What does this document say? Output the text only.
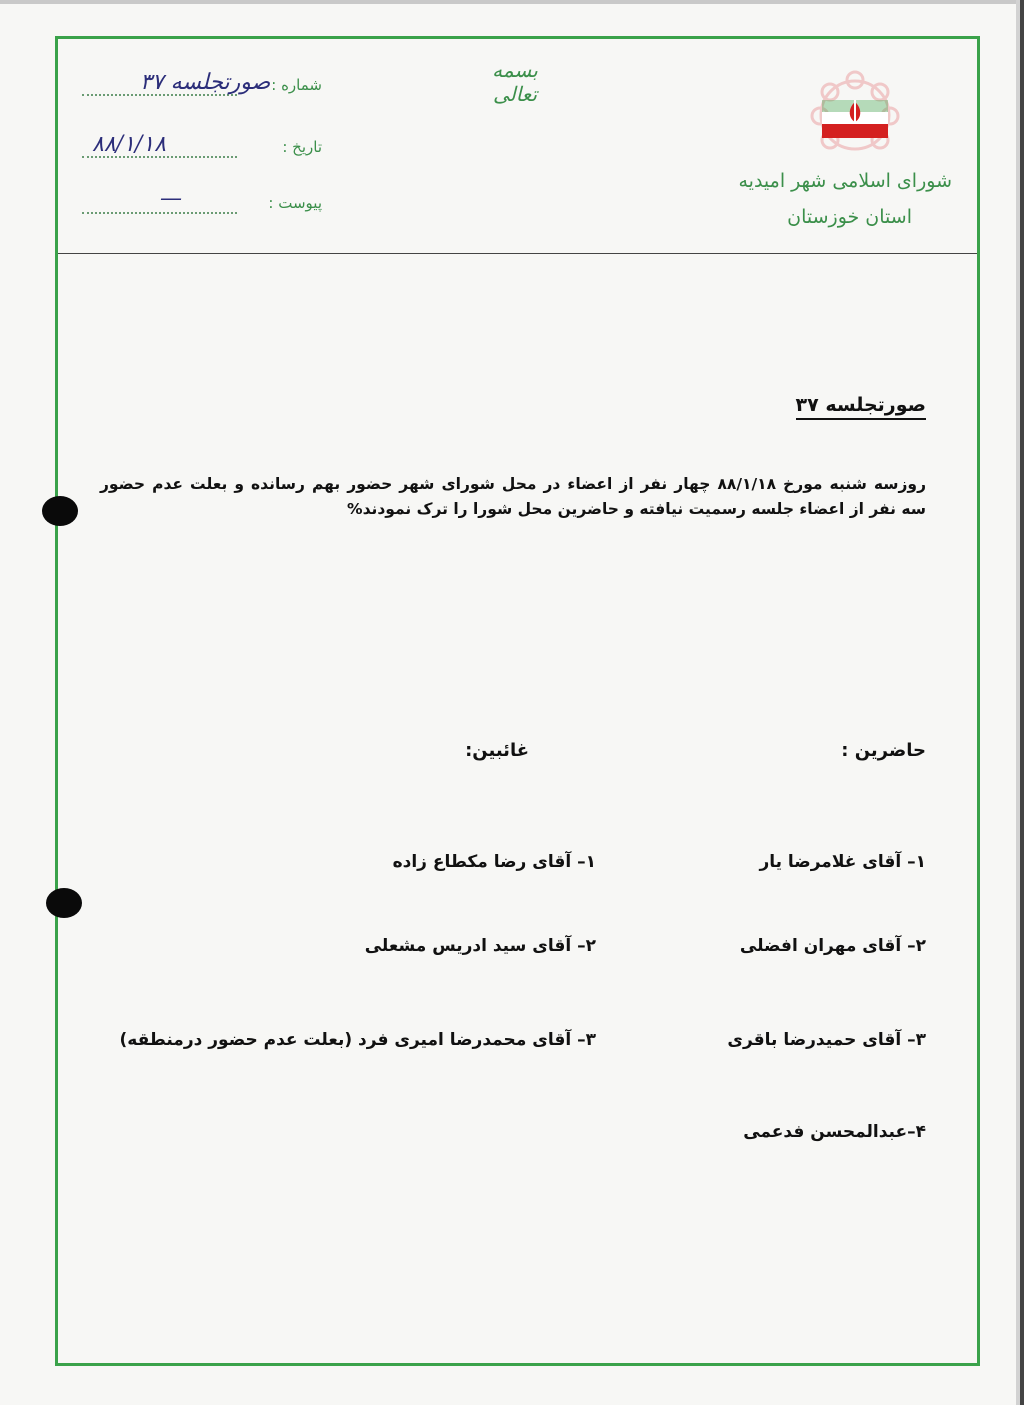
بسمه تعالی
شورای اسلامی شهر امیدیه
استان خوزستان
شماره :
صورتجلسه ۳۷
تاریخ :
۸۸/۱/۱۸
پیوست :
—
صورتجلسه ۳۷
روزسه شنبه مورخ ۸۸/۱/۱۸ چهار نفر از اعضاء در محل شورای شهر حضور بهم رسانده و بعلت عدم حضور سه نفر از اعضاء جلسه رسمیت نیافته و حاضرین محل شورا را ترک نمودند%
حاضرین :
غائبین:
۱– آقای غلامرضا یار
۲– آقای مهران افضلی
۳– آقای حمیدرضا باقری
۴–عبدالمحسن فدعمی
۱– آقای رضا مکطاع زاده
۲– آقای سید ادریس مشعلی
۳– آقای محمدرضا امیری فرد (بعلت عدم حضور درمنطقه)
